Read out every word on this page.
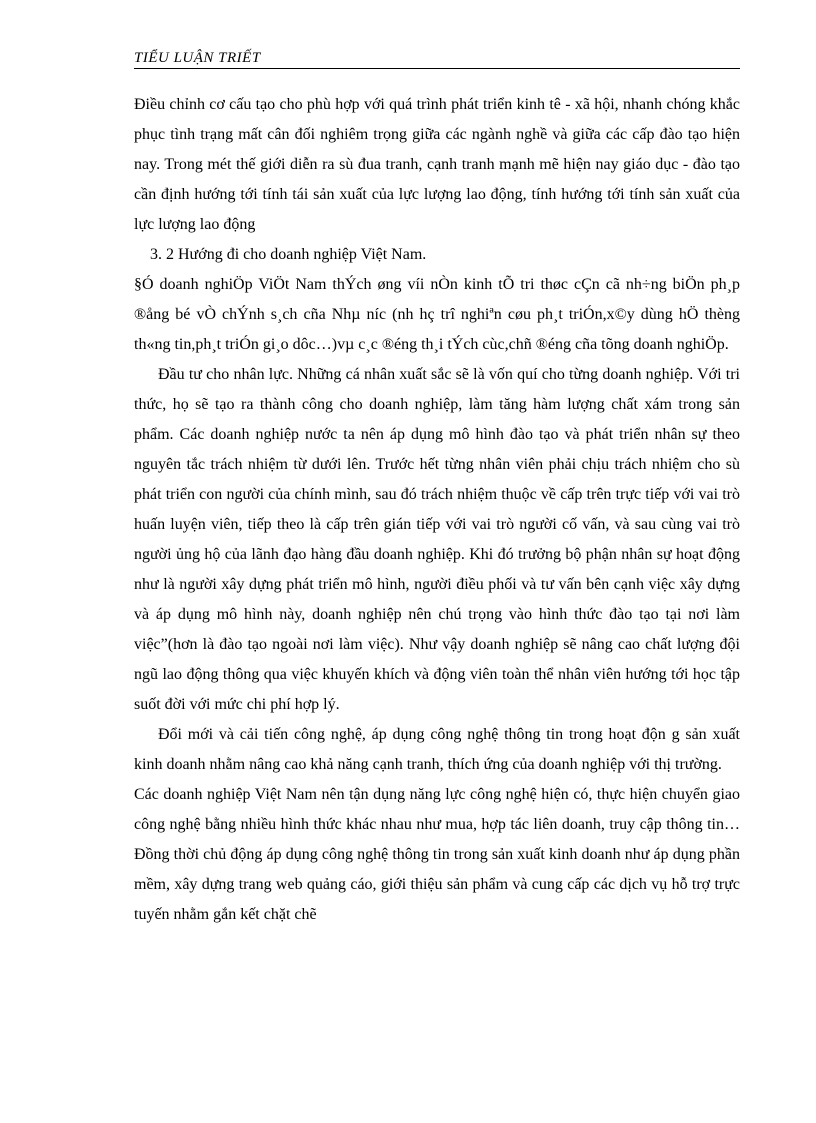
TIỂU LUẬN TRIẾT

Điều chỉnh cơ cấu tạo cho phù hợp với quá trình phát triển kinh tê - xã hội, nhanh chóng khắc phục tình trạng mất cân đối nghiêm trọng giữa các ngành nghề và giữa các cấp đào tạo hiện nay. Trong mét thế giới diễn ra sù đua tranh, cạnh tranh mạnh mẽ hiện nay giáo dục - đào tạo cần định hướng tới tính tái sản xuất của lực lượng lao động, tính hướng tới tính sản xuất của lực lượng lao động

3. 2 Hướng đi cho doanh nghiệp Việt Nam.

§Ó doanh nghiÖp ViÖt Nam thÝch øng víi nÒn kinh tÕ tri thøc cÇn cã nh÷ng biÖn ph¸p ®ång bé vÒ chÝnh s¸ch cña Nhµ níc (nh hç trî nghiªn cøu ph¸t triÓn,x©y dùng hÖ thèng th«ng tin,ph¸t triÓn gi¸o dôc…)vµ c¸c ®éng th¸i tÝch cùc,chñ ®éng cña tõng doanh nghiÖp.

Đầu tư cho nhân lực. Những cá nhân xuất sắc sẽ là vốn quí cho từng doanh nghiệp. Với tri thức, họ sẽ tạo ra thành công cho doanh nghiệp, làm tăng hàm lượng chất xám trong sản phẩm. Các doanh nghiệp nước ta nên áp dụng mô hình đào tạo và phát triển nhân sự theo nguyên tắc trách nhiệm từ dưới lên. Trước hết từng nhân viên phải chịu trách nhiệm cho sù phát triển con người của chính mình, sau đó trách nhiệm thuộc về cấp trên trực tiếp với vai trò huấn luyện viên, tiếp theo là cấp trên gián tiếp với vai trò người cố vấn, và sau cùng vai trò người ủng hộ của lãnh đạo hàng đầu doanh nghiệp. Khi đó trưởng bộ phận nhân sự hoạt động như là người xây dựng phát triển mô hình, người điều phối và tư vấn bên cạnh việc xây dựng và áp dụng mô hình này, doanh nghiệp nên chú trọng vào hình thức đào tạo tại nơi làm việc”(hơn là đào tạo ngoài nơi làm việc). Như vậy doanh nghiệp sẽ nâng cao chất lượng đội ngũ lao động thông qua việc khuyến khích và động viên toàn thể nhân viên hướng tới học tập suốt đời với mức chi phí hợp lý.

Đổi mới và cải tiến công nghệ, áp dụng công nghệ thông tin trong hoạt độn g sản xuất kinh doanh nhằm nâng cao khả năng cạnh tranh, thích ứng của doanh nghiệp với thị trường.

Các doanh nghiệp Việt Nam nên tận dụng năng lực công nghệ hiện có, thực hiện chuyển giao công nghệ bằng nhiều hình thức khác nhau như mua, hợp tác liên doanh, truy cập thông tin…Đồng thời chủ động áp dụng công nghệ thông tin trong sản xuất kinh doanh như áp dụng phần mềm, xây dựng trang web quảng cáo, giới thiệu sản phẩm và cung cấp các dịch vụ hỗ trợ trực tuyến nhằm gắn kết chặt chẽ
